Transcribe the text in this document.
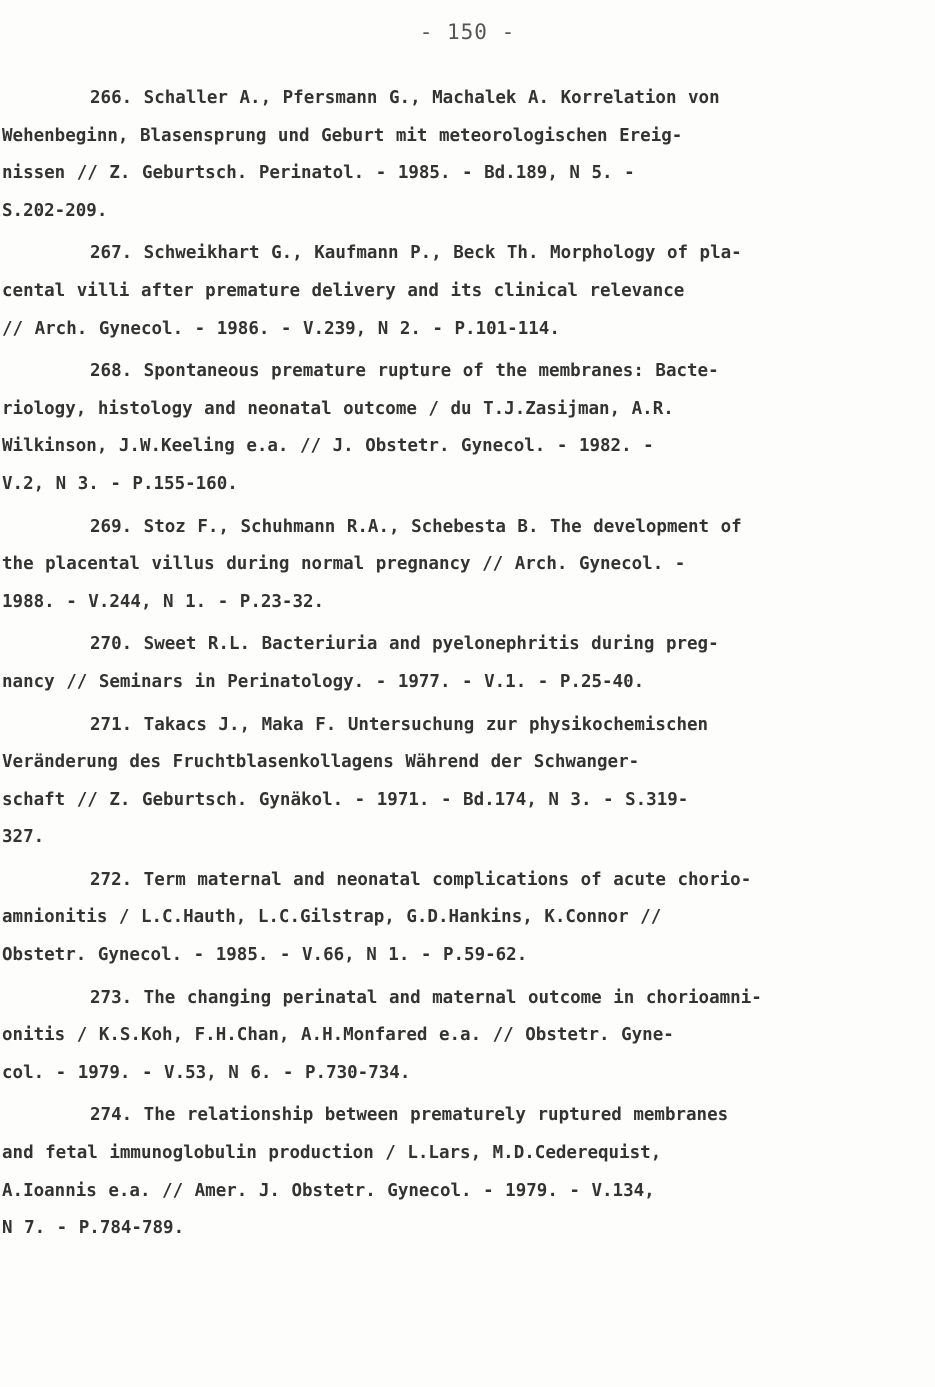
- 150 -
266. Schaller A., Pfersmann G., Machalek A. Korrelation von
Wehenbeginn, Blasensprung und Geburt mit meteorologischen Ereig-
nissen // Z. Geburtsch. Perinatol. - 1985. - Bd.189, N 5. -
S.202-209.
267. Schweikhart G., Kaufmann P., Beck Th. Morphology of pla-
cental villi after premature delivery and its clinical relevance
// Arch. Gynecol. - 1986. - V.239, N 2. - P.101-114.
268. Spontaneous premature rupture of the membranes: Bacte-
riology, histology and neonatal outcome / du T.J.Zasijman, A.R.
Wilkinson, J.W.Keeling e.a. // J. Obstetr. Gynecol. - 1982. -
V.2, N 3. - P.155-160.
269. Stoz F., Schuhmann R.A., Schebesta B. The development of
the placental villus during normal pregnancy // Arch. Gynecol. -
1988. - V.244, N 1. - P.23-32.
270. Sweet R.L. Bacteriuria and pyelonephritis during preg-
nancy // Seminars in Perinatology. - 1977. - V.1. - P.25-40.
271. Takacs J., Maka F. Untersuchung zur physikochemischen
Veränderung des Fruchtblasenkollagens Während der Schwanger-
schaft // Z. Geburtsch. Gynäkol. - 1971. - Bd.174, N 3. - S.319-
327.
272. Term maternal and neonatal complications of acute chorio-
amnionitis / L.C.Hauth, L.C.Gilstrap, G.D.Hankins, K.Connor //
Obstetr. Gynecol. - 1985. - V.66, N 1. - P.59-62.
273. The changing perinatal and maternal outcome in chorioamni-
onitis / K.S.Koh, F.H.Chan, A.H.Monfared e.a. // Obstetr. Gyne-
col. - 1979. - V.53, N 6. - P.730-734.
274. The relationship between prematurely ruptured membranes
and fetal immunoglobulin production / L.Lars, M.D.Cederequist,
A.Ioannis e.a. // Amer. J. Obstetr. Gynecol. - 1979. - V.134,
N 7. - P.784-789.
